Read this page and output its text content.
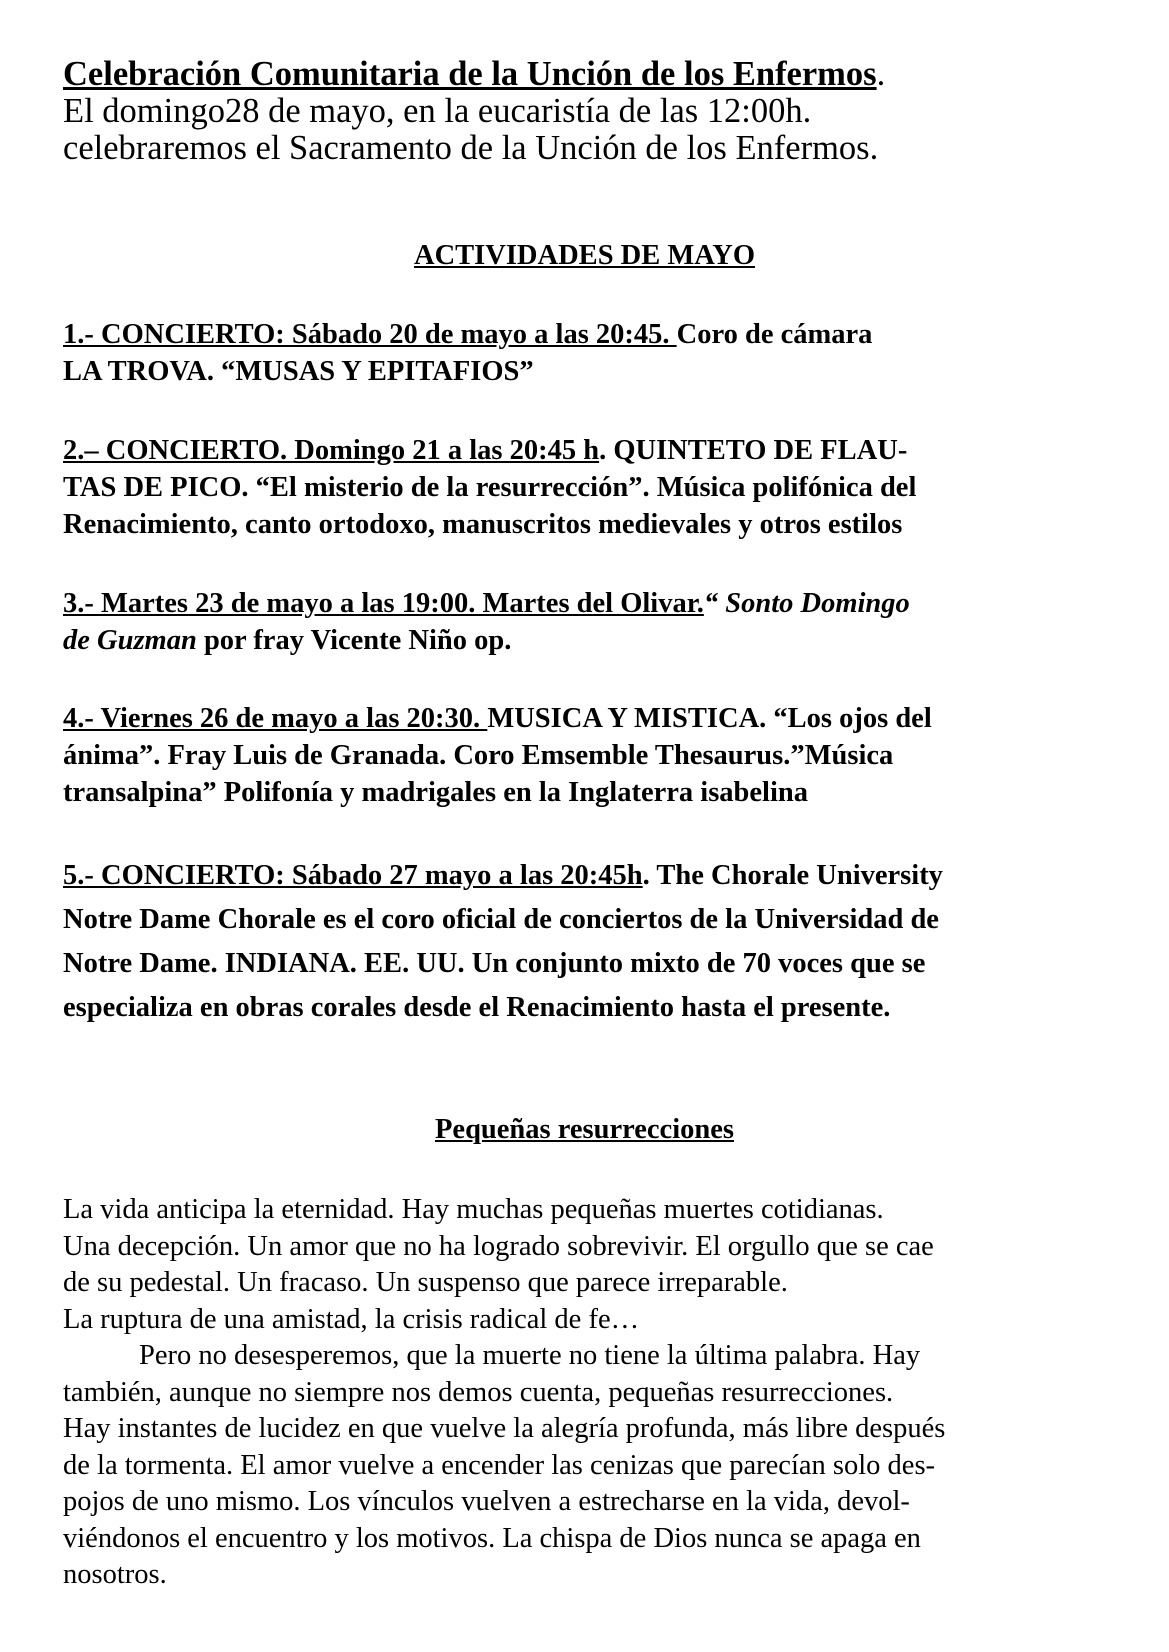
Celebración Comunitaria de la Unción de los Enfermos.
El domingo28 de mayo, en la eucaristía de las 12:00h.
celebraremos el Sacramento de la Unción de los Enfermos.
ACTIVIDADES DE MAYO
1.- CONCIERTO: Sábado 20 de mayo a las 20:45. Coro de cámara
LA TROVA. “MUSAS Y EPITAFIOS”
2.– CONCIERTO. Domingo 21 a las 20:45 h. QUINTETO DE FLAU-
TAS DE PICO. “El misterio de la resurrección”. Música polifónica del
Renacimiento, canto ortodoxo, manuscritos medievales y otros estilos
3.- Martes 23 de mayo a las 19:00. Martes del Olivar.“ Sonto Domingo
de Guzman por fray Vicente Niño op.
4.- Viernes 26 de mayo a las 20:30. MUSICA Y MISTICA. “Los ojos del
ánima”. Fray Luis de Granada. Coro Emsemble Thesaurus.”Música
transalpina” Polifonía y madrigales en la Inglaterra isabelina
5.- CONCIERTO: Sábado 27 mayo a las 20:45h. The Chorale University
Notre Dame Chorale es el coro oficial de conciertos de la Universidad de
Notre Dame. INDIANA. EE. UU. Un conjunto mixto de 70 voces que se
especializa en obras corales desde el Renacimiento hasta el presente.
Pequeñas resurrecciones

La vida anticipa la eternidad. Hay muchas pequeñas muertes cotidianas.

Una decepción. Un amor que no ha logrado sobrevivir. El orgullo que se cae

de su pedestal. Un fracaso. Un suspenso que parece irreparable.

La ruptura de una amistad, la crisis radical de fe…

Pero no desesperemos, que la muerte no tiene la última palabra. Hay

también, aunque no siempre nos demos cuenta, pequeñas resurrecciones.

Hay instantes de lucidez en que vuelve la alegría profunda, más libre después

de la tormenta. El amor vuelve a encender las cenizas que parecían solo des-

pojos de uno mismo. Los vínculos vuelven a estrecharse en la vida, devol-

viéndonos el encuentro y los motivos. La chispa de Dios nunca se apaga en

nosotros.
